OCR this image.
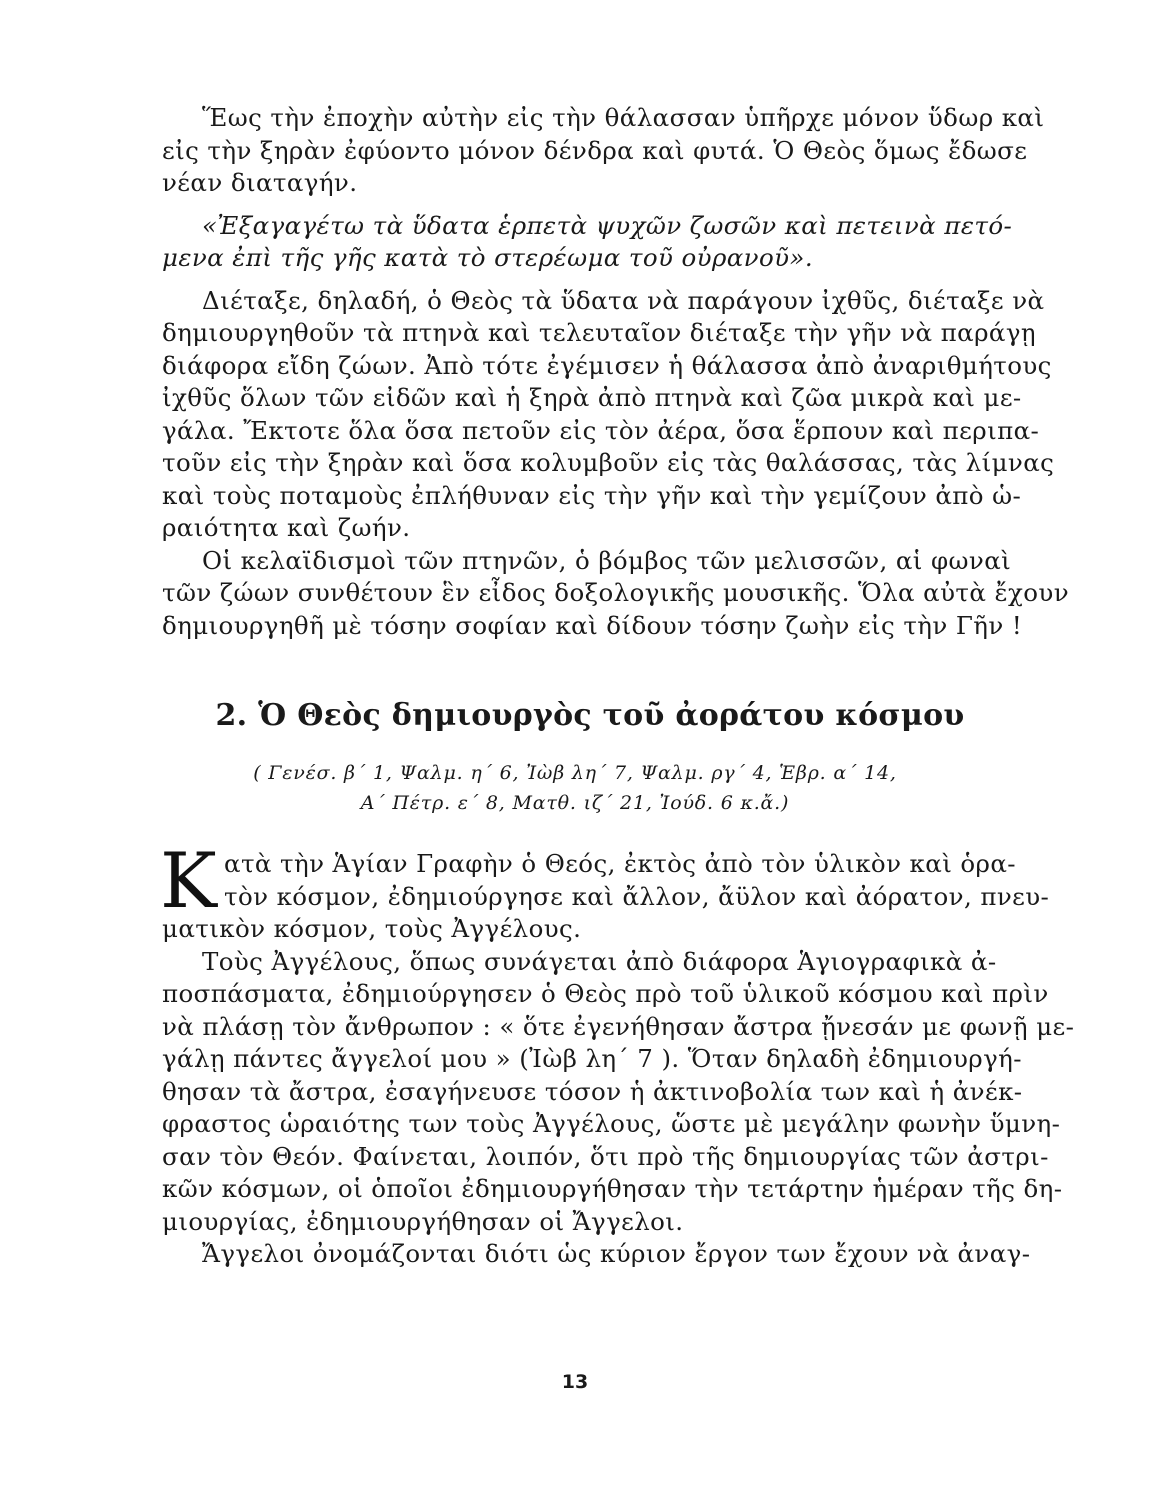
Ἕως τὴν ἐποχὴν αὐτὴν εἰς τὴν θάλασσαν ὑπῆρχε μόνον ὕδωρ καὶ
εἰς τὴν ξηρὰν ἐφύοντο μόνον δένδρα καὶ φυτά. Ὁ Θεὸς ὅμως ἔδωσε
νέαν διαταγήν.
«Ἐξαγαγέτω τὰ ὕδατα ἑρπετὰ ψυχῶν ζωσῶν καὶ πετεινὰ πετό-
μενα ἐπὶ τῆς γῆς κατὰ τὸ στερέωμα τοῦ οὐρανοῦ».
Διέταξε, δηλαδή, ὁ Θεὸς τὰ ὕδατα νὰ παράγουν ἰχθῦς, διέταξε νὰ
δημιουργηθοῦν τὰ πτηνὰ καὶ τελευταῖον διέταξε τὴν γῆν νὰ παράγῃ
διάφορα εἴδη ζώων. Ἀπὸ τότε ἐγέμισεν ἡ θάλασσα ἀπὸ ἀναριθμήτους
ἰχθῦς ὅλων τῶν εἰδῶν καὶ ἡ ξηρὰ ἀπὸ πτηνὰ καὶ ζῶα μικρὰ καὶ με-
γάλα. Ἔκτοτε ὅλα ὅσα πετοῦν εἰς τὸν ἀέρα, ὅσα ἕρπουν καὶ περιπα-
τοῦν εἰς τὴν ξηρὰν καὶ ὅσα κολυμβοῦν εἰς τὰς θαλάσσας, τὰς λίμνας
καὶ τοὺς ποταμοὺς ἐπλήθυναν εἰς τὴν γῆν καὶ τὴν γεμίζουν ἀπὸ ὡ-
ραιότητα καὶ ζωήν.
Οἱ κελαϊδισμοὶ τῶν πτηνῶν, ὁ βόμβος τῶν μελισσῶν, αἱ φωναὶ
τῶν ζώων συνθέτουν ἓν εἶδος δοξολογικῆς μουσικῆς. Ὅλα αὐτὰ ἔχουν
δημιουργηθῆ μὲ τόσην σοφίαν καὶ δίδουν τόσην ζωὴν εἰς τὴν Γῆν !
2. Ὁ Θεὸς δημιουργὸς τοῦ ἀοράτου κόσμου
( Γενέσ. β΄ 1, Ψαλμ. η΄ 6, Ἰὼβ λη΄ 7, Ψαλμ. ργ΄ 4, Ἑβρ. α΄ 14,
Α΄ Πέτρ. ε΄ 8, Ματθ. ιζ΄ 21, Ἰούδ. 6 κ.ἄ.)
Κ ατὰ τὴν Ἁγίαν Γραφὴν ὁ Θεός, ἐκτὸς ἀπὸ τὸν ὑλικὸν καὶ ὁρα-
τὸν κόσμον, ἐδημιούργησε καὶ ἄλλον, ἄϋλον καὶ ἀόρατον, πνευ-
ματικὸν κόσμον, τοὺς Ἀγγέλους.
Τοὺς Ἀγγέλους, ὅπως συνάγεται ἀπὸ διάφορα Ἁγιογραφικὰ ἀ-
ποσπάσματα, ἐδημιούργησεν ὁ Θεὸς πρὸ τοῦ ὑλικοῦ κόσμου καὶ πρὶν
νὰ πλάσῃ τὸν ἄνθρωπον : « ὅτε ἐγενήθησαν ἄστρα ᾔνεσάν με φωνῇ με-
γάλῃ πάντες ἄγγελοί μου » (Ἰὼβ λη΄ 7 ). Ὅταν δηλαδὴ ἐδημιουργή-
θησαν τὰ ἄστρα, ἐσαγήνευσε τόσον ἡ ἀκτινοβολία των καὶ ἡ ἀνέκ-
φραστος ὡραιότης των τοὺς Ἀγγέλους, ὥστε μὲ μεγάλην φωνὴν ὕμνη-
σαν τὸν Θεόν. Φαίνεται, λοιπόν, ὅτι πρὸ τῆς δημιουργίας τῶν ἀστρι-
κῶν κόσμων, οἱ ὁποῖοι ἐδημιουργήθησαν τὴν τετάρτην ἡμέραν τῆς δη-
μιουργίας, ἐδημιουργήθησαν οἱ Ἄγγελοι.
Ἄγγελοι ὀνομάζονται διότι ὡς κύριον ἔργον των ἔχουν νὰ ἀναγ-
13
